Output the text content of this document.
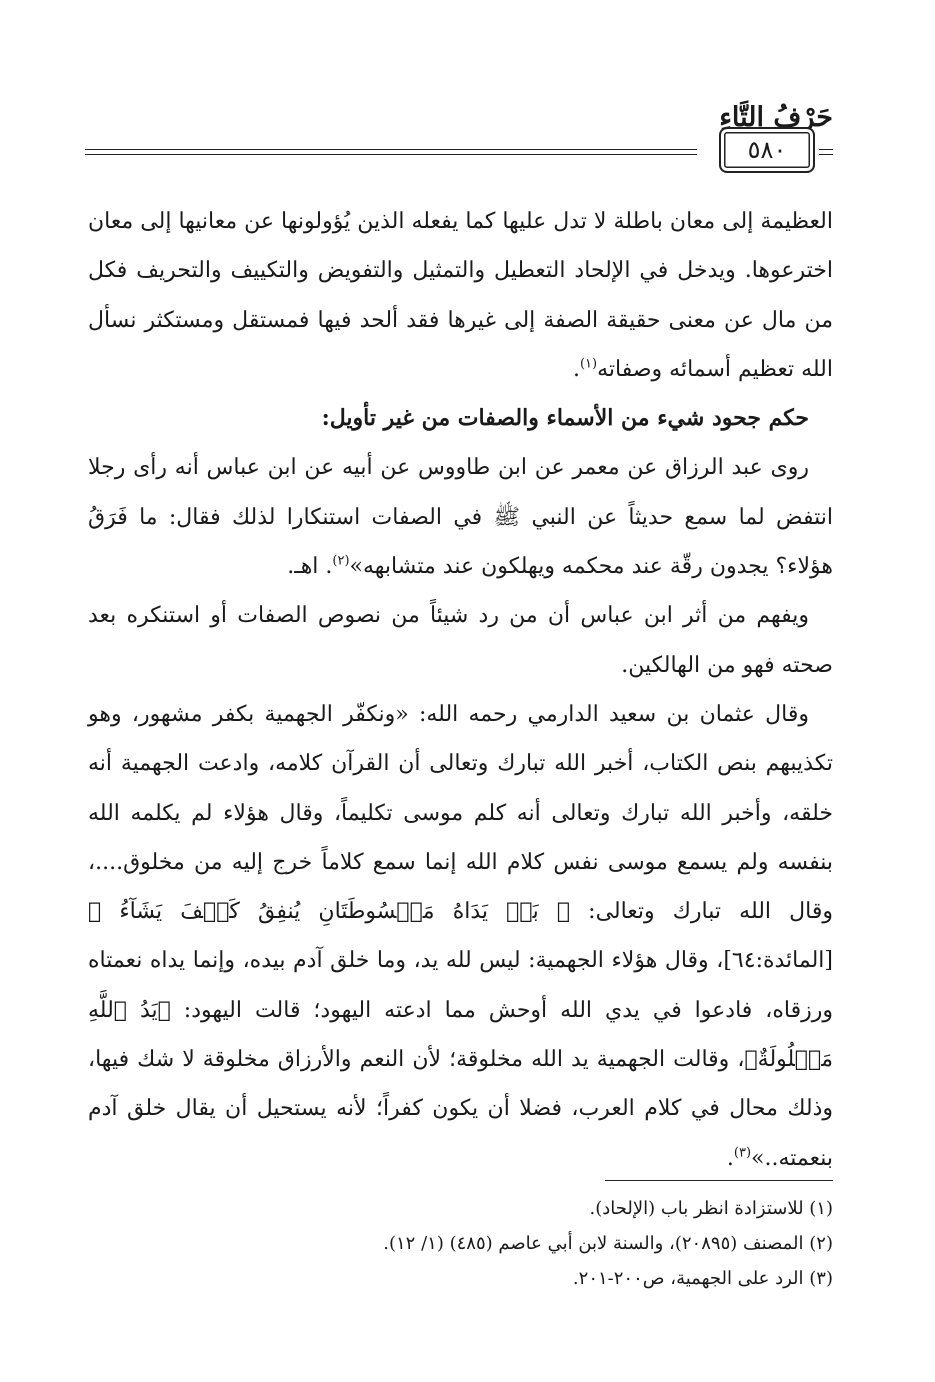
حَرْفُ التَّاءِ
٥٨٠

العظيمة إلى معان باطلة لا تدل عليها كما يفعله الذين يُؤولونها عن معانيها إلى معان اخترعوها. ويدخل في الإلحاد التعطيل والتمثيل والتفويض والتكييف والتحريف فكل من مال عن معنى حقيقة الصفة إلى غيرها فقد ألحد فيها فمستقل ومستكثر نسأل الله تعظيم أسمائه وصفاته$^{(١)}$.

حكم جحود شيء من الأسماء والصفات من غير تأويل:

روى عبد الرزاق عن معمر عن ابن طاووس عن أبيه عن ابن عباس أنه رأى رجلا انتفض لما سمع حديثاً عن النبي ﷺ في الصفات استنكارا لذلك فقال: ما فَرَقُ هؤلاء؟ يجدون رقّة عند محكمه ويهلكون عند متشابهه»$^{(٢)}$. اهـ.

ويفهم من أثر ابن عباس أن من رد شيئاً من نصوص الصفات أو استنكره بعد صحته فهو من الهالكين.

وقال عثمان بن سعيد الدارمي رحمه الله: «ونكفّر الجهمية بكفر مشهور، وهو تكذيبهم بنص الكتاب، أخبر الله تبارك وتعالى أن القرآن كلامه، وادعت الجهمية أنه خلقه، وأخبر الله تبارك وتعالى أنه كلم موسى تكليماً، وقال هؤلاء لم يكلمه الله بنفسه ولم يسمع موسى نفس كلام الله إنما سمع كلاماً خرج إليه من مخلوق....، وقال الله تبارك وتعالى: ﴿ بَلۡ يَدَاهُ مَبۡسُوطَتَانِ يُنفِقُ كَيۡفَ يَشَآءُ ﴾ [المائدة:٦٤]، وقال هؤلاء الجهمية: ليس لله يد، وما خلق آدم بيده، وإنما يداه نعمتاه ورزقاه، فادعوا في يدي الله أوحش مما ادعته اليهود؛ قالت اليهود: ﴿يَدُ ٱللَّهِ مَغۡلُولَةٌ﴾، وقالت الجهمية يد الله مخلوقة؛ لأن النعم والأرزاق مخلوقة لا شك فيها، وذلك محال في كلام العرب، فضلا أن يكون كفراً؛ لأنه يستحيل أن يقال خلق آدم بنعمته..»$^{(٣)}$.

(١) للاستزادة انظر باب (الإلحاد).

(٢) المصنف (٢٠٨٩٥)، والسنة لابن أبي عاصم (٤٨٥) (١/ ١٢).

(٣) الرد على الجهمية، ص٢٠٠-٢٠١.
